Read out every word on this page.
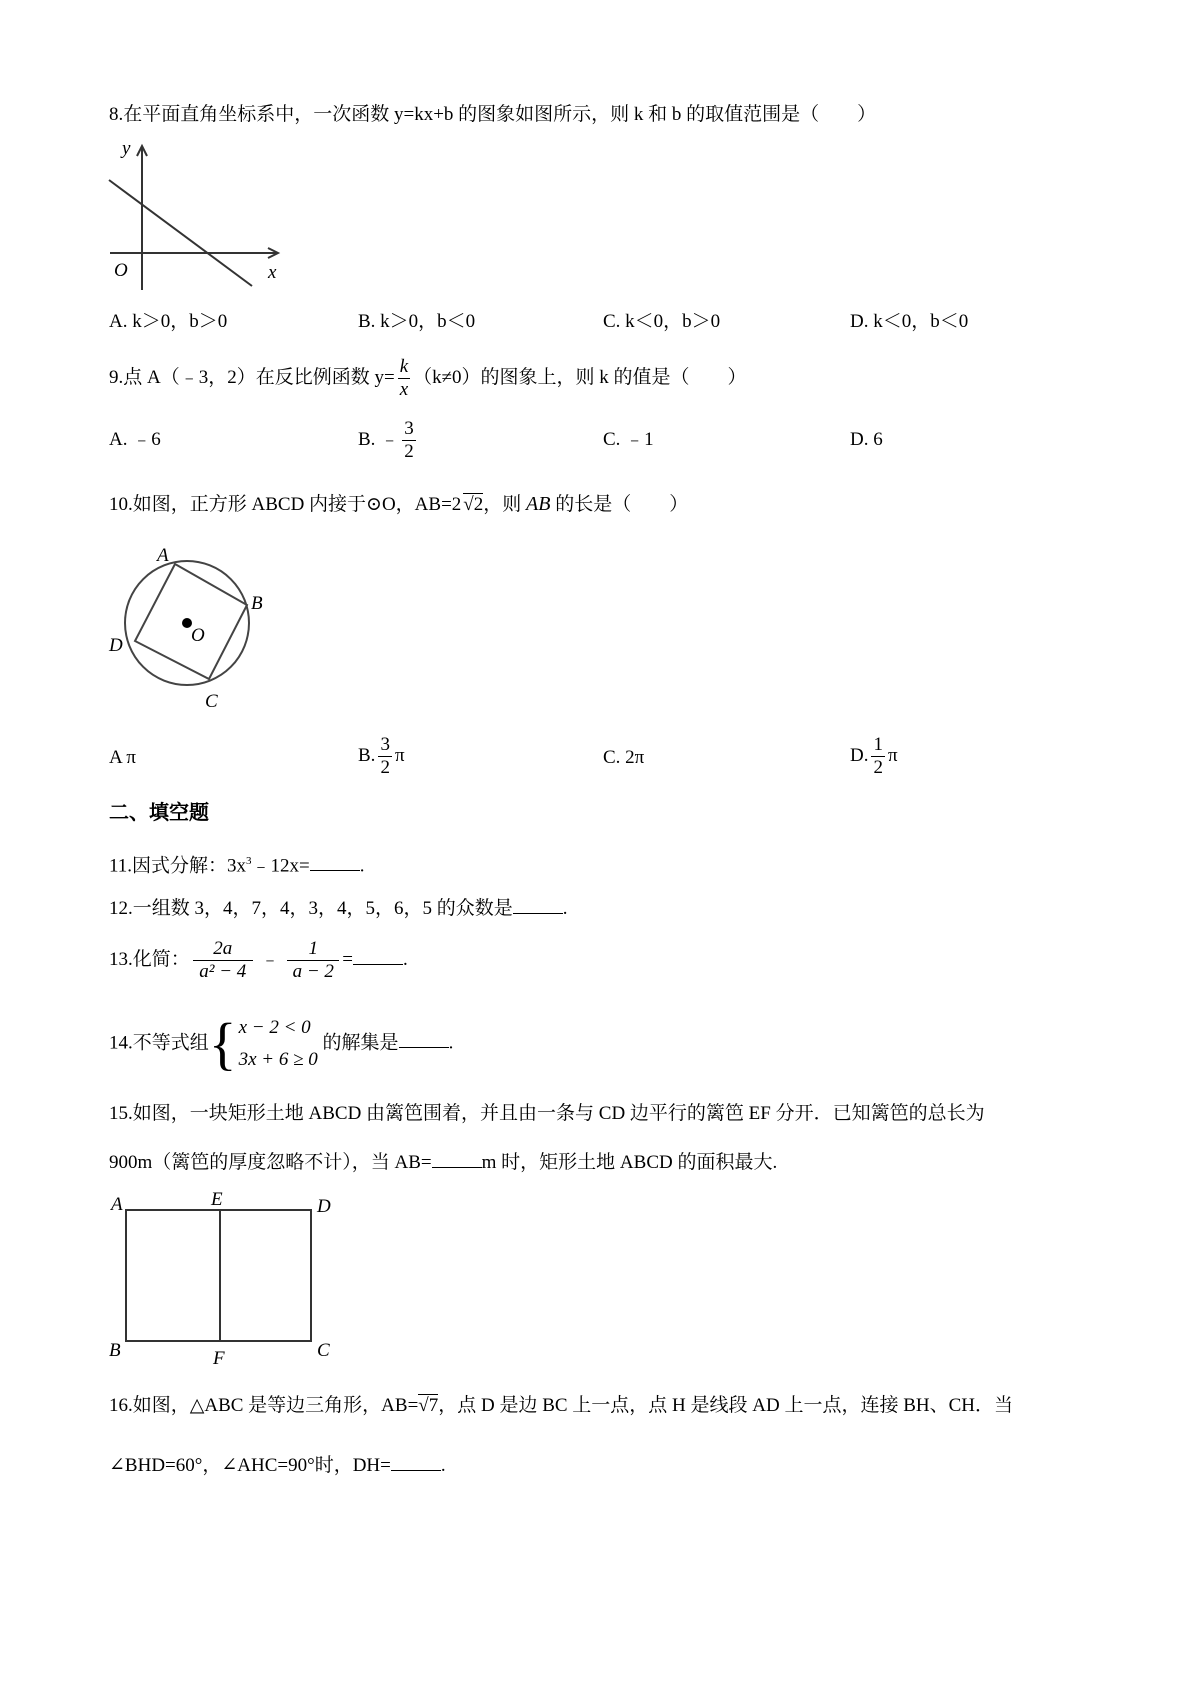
8.在平面直角坐标系中，一次函数 y=kx+b 的图象如图所示，则 k 和 b 的取值范围是（　　）
y
x
O
A. k＞0，b＞0	B. k＞0，b＜0	C. k＜0，b＞0	D. k＜0，b＜0
9.点 A（﹣3，2）在反比例函数 $y= \frac{k}{x} (k\ne 0)$的图象上，则 k 的值是（　　）
A. ﹣6	B. ﹣ $\frac{3}{2}$	C. ﹣1	D. 6
10.如图，正方形 ABCD 内接于⊙O，AB=2 √2，则 AB 的长是（　　）
A
B
C
D	O
A π	B. $\frac{3}{2}$ π	C. 2π	D. $\frac{1}{2}$ π
二、填空题
11.因式分解：$3x^3﹣12x=$	.
12.一组数 3，4，7，4，3，4，5，6，5 的众数是	.
13.化简： $\frac{2a}{\text{a² − 4}}$ ﹣ $\frac{1}{a - 2}$ =	.
14.不等式组 { x − 2 < 0
3x + 6 ≥ 0
的解集是	.
15.如图，一块矩形土地 ABCD 由篱笆围着，并且由一条与 CD 边平行的篱笆 EF 分开．已知篱笆的总长为
900m（篱笆的厚度忽略不计），当 AB=	m 时，矩形土地 ABCD 的面积最大.
A	E	D
B	F	C
16.如图，△ABC 是等边三角形，AB=√7，点 D 是边 BC 上一点，点 H 是线段 AD 上一点，连接 BH、CH．当
∠BHD=60°，∠AHC=90°时，DH=	.
